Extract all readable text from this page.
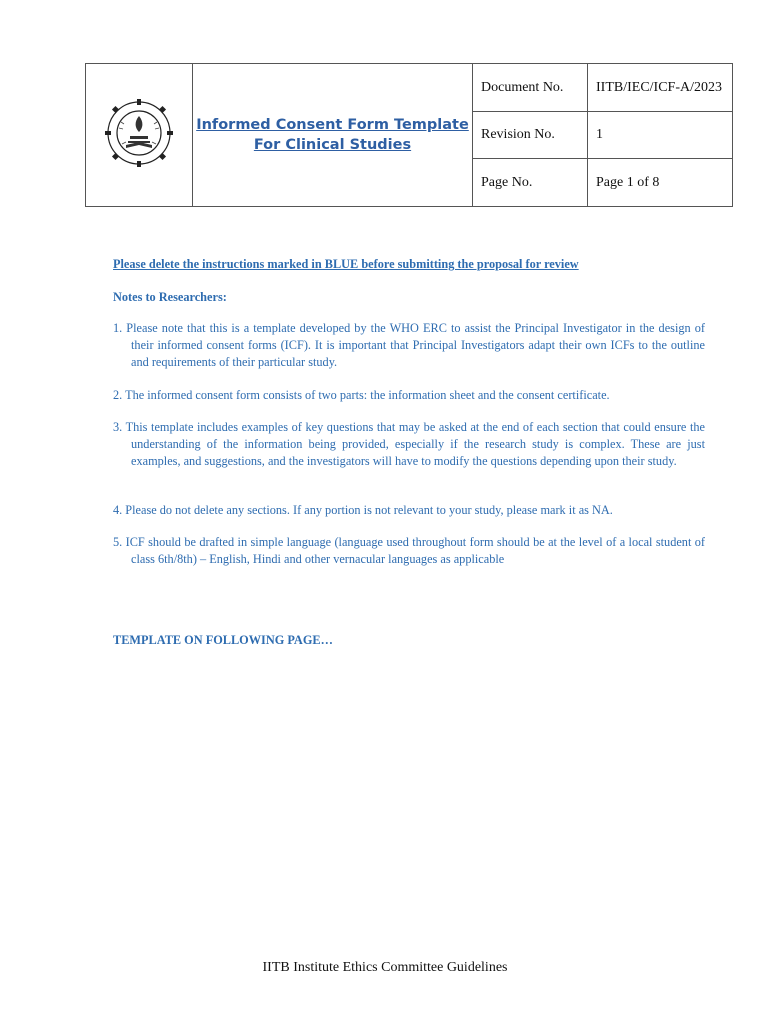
Informed Consent Form Template
For Clinical Studies	Document No.	IITB/IEC/ICF-A/2023
		Revision No.	1
		Page No.	Page 1 of 8
Please delete the instructions marked in BLUE before submitting the proposal for review
Notes to Researchers:
1. Please note that this is a template developed by the WHO ERC to assist the Principal Investigator in the design of their informed consent forms (ICF). It is important that Principal Investigators adapt their own ICFs to the outline and requirements of their particular study.
2. The informed consent form consists of two parts: the information sheet and the consent certificate.
3. This template includes examples of key questions that may be asked at the end of each section that could ensure the understanding of the information being provided, especially if the research study is complex. These are just examples, and suggestions, and the investigators will have to modify the questions depending upon their study.
4. Please do not delete any sections. If any portion is not relevant to your study, please mark it as NA.
5. ICF should be drafted in simple language (language used throughout form should be at the level of a local student of class 6th/8th) – English, Hindi and other vernacular languages as applicable
TEMPLATE ON FOLLOWING PAGE…
IITB Institute Ethics Committee Guidelines
